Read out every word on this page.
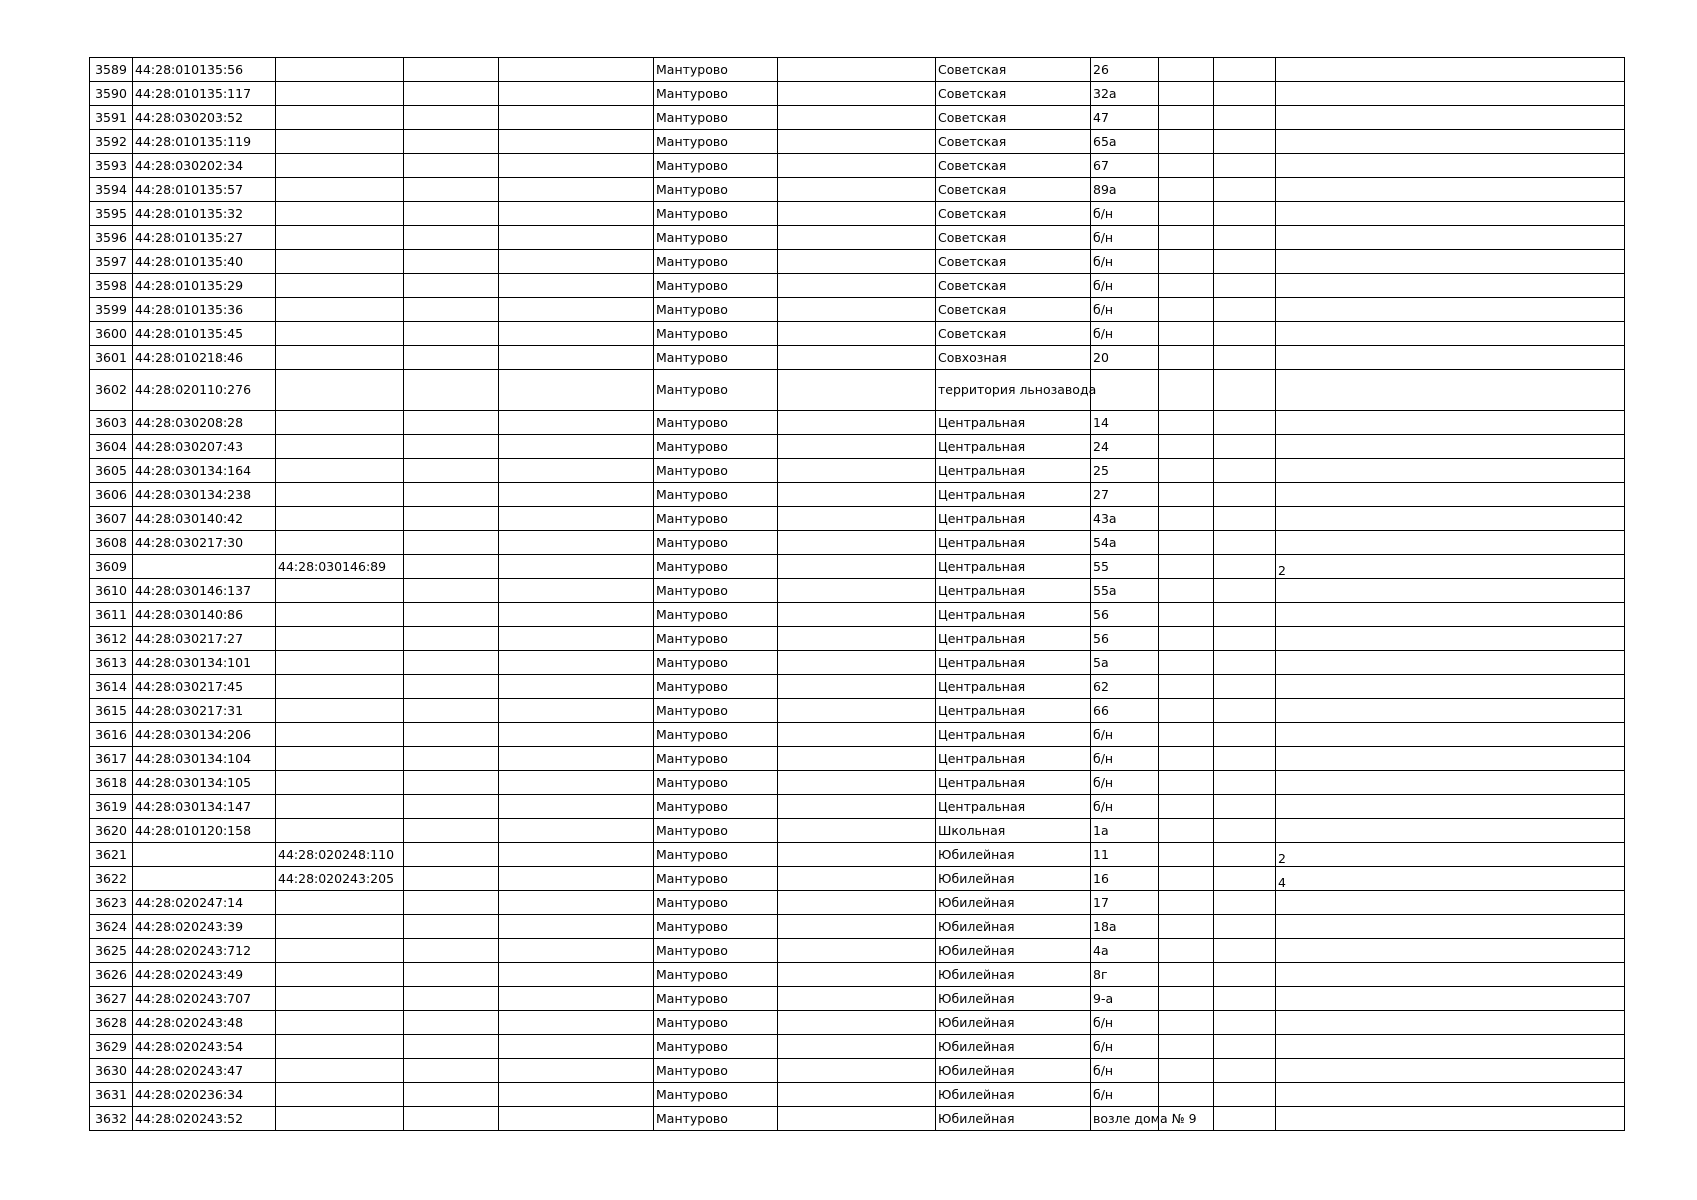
3589	44:28:010135:56				Мантурово		Советская	26			
3590	44:28:010135:117				Мантурово		Советская	32а			
3591	44:28:030203:52				Мантурово		Советская	47			
3592	44:28:010135:119				Мантурово		Советская	65а			
3593	44:28:030202:34				Мантурово		Советская	67			
3594	44:28:010135:57				Мантурово		Советская	89а			
3595	44:28:010135:32				Мантурово		Советская	б/н			
3596	44:28:010135:27				Мантурово		Советская	б/н			
3597	44:28:010135:40				Мантурово		Советская	б/н			
3598	44:28:010135:29				Мантурово		Советская	б/н			
3599	44:28:010135:36				Мантурово		Советская	б/н			
3600	44:28:010135:45				Мантурово		Советская	б/н			
3601	44:28:010218:46				Мантурово		Совхозная	20			
3602	44:28:020110:276				Мантурово		территория льнозавода				
3603	44:28:030208:28				Мантурово		Центральная	14			
3604	44:28:030207:43				Мантурово		Центральная	24			
3605	44:28:030134:164				Мантурово		Центральная	25			
3606	44:28:030134:238				Мантурово		Центральная	27			
3607	44:28:030140:42				Мантурово		Центральная	43а			
3608	44:28:030217:30				Мантурово		Центральная	54а			
3609		44:28:030146:89			Мантурово		Центральная	55			2
3610	44:28:030146:137				Мантурово		Центральная	55а			
3611	44:28:030140:86				Мантурово		Центральная	56			
3612	44:28:030217:27				Мантурово		Центральная	56			
3613	44:28:030134:101				Мантурово		Центральная	5а			
3614	44:28:030217:45				Мантурово		Центральная	62			
3615	44:28:030217:31				Мантурово		Центральная	66			
3616	44:28:030134:206				Мантурово		Центральная	б/н			
3617	44:28:030134:104				Мантурово		Центральная	б/н			
3618	44:28:030134:105				Мантурово		Центральная	б/н			
3619	44:28:030134:147				Мантурово		Центральная	б/н			
3620	44:28:010120:158				Мантурово		Школьная	1а			
3621		44:28:020248:110			Мантурово		Юбилейная	11			2
3622		44:28:020243:205			Мантурово		Юбилейная	16			4
3623	44:28:020247:14				Мантурово		Юбилейная	17			
3624	44:28:020243:39				Мантурово		Юбилейная	18а			
3625	44:28:020243:712				Мантурово		Юбилейная	4а			
3626	44:28:020243:49				Мантурово		Юбилейная	8г			
3627	44:28:020243:707				Мантурово		Юбилейная	9-а			
3628	44:28:020243:48				Мантурово		Юбилейная	б/н			
3629	44:28:020243:54				Мантурово		Юбилейная	б/н			
3630	44:28:020243:47				Мантурово		Юбилейная	б/н			
3631	44:28:020236:34				Мантурово		Юбилейная	б/н			
3632	44:28:020243:52				Мантурово		Юбилейная	возле дома № 9			
